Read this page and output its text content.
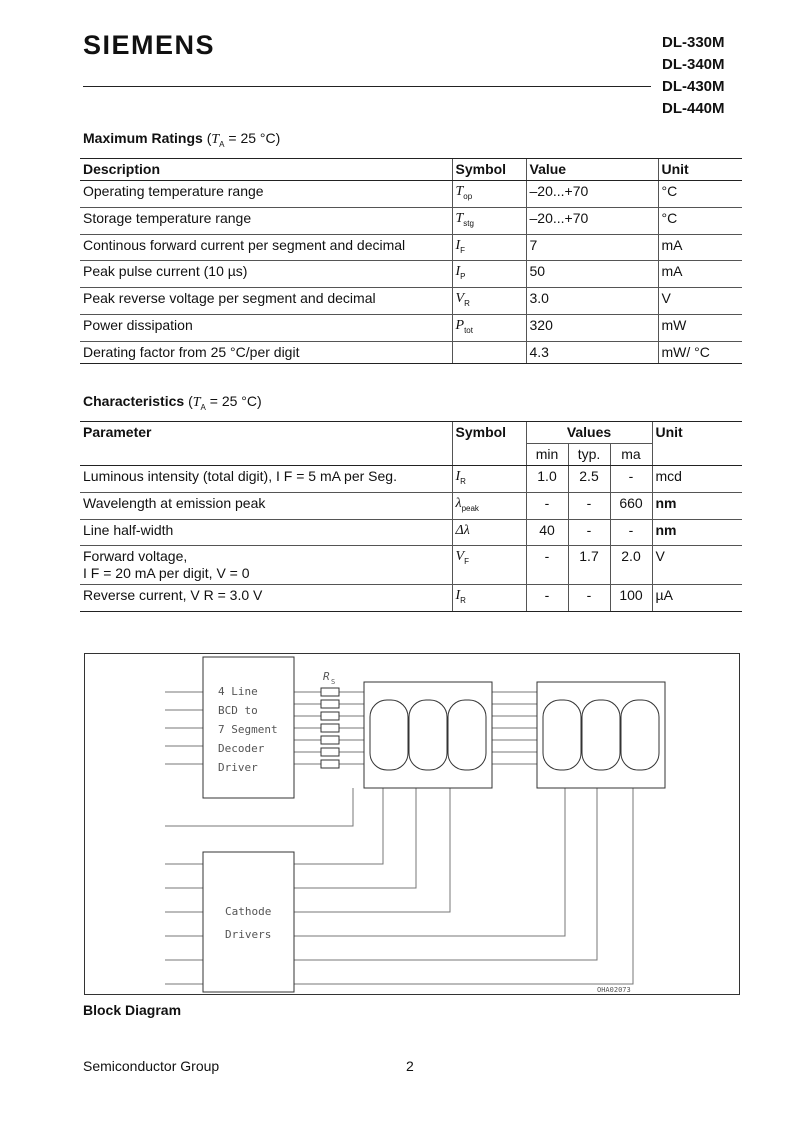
SIEMENS	DL-330M
DL-340M
DL-430M
DL-440M
Maximum Ratings ($T_A = 25$ °C)
Description	Symbol	Value	Unit
Operating temperature range	$T_{op}$	–20...+70	°C
Storage temperature range	$T_{stg}$	–20...+70	°C
Continous forward current per segment and decimal	$I_F$	7	mA
Peak pulse current (10 µs)	$I_P$	50	mA
Peak reverse voltage per segment and decimal	$V_R$	3.0	V
Power dissipation	$P_{tot}$	320	mW
Derating factor from 25 °C/per digit		4.3	mW/ °C
Characteristics ($T_A = 25$ °C)
Parameter	Symbol	Values			Unit
		min	typ.	ma	
Luminous intensity (total digit), I F = 5 mA per Seg.	$I_R$	1.0	2.5	-	mcd
Wavelength at emission peak	$\lambda_{peak}$	-	-	660	nm
Line half-width	Δλ	40	-	-	nm
Forward voltage,
I F = 20 mA per digit, V = 0	$V_F$	-	1.7	2.0	V
Reverse current, V R = 3.0 V	$I_R$	-	-	100	µA
4 Line
BCD to
7 Segment
Decoder
Driver
Cathode
Drivers
R S
OHA02073
Block Diagram
Semiconductor Group	2
